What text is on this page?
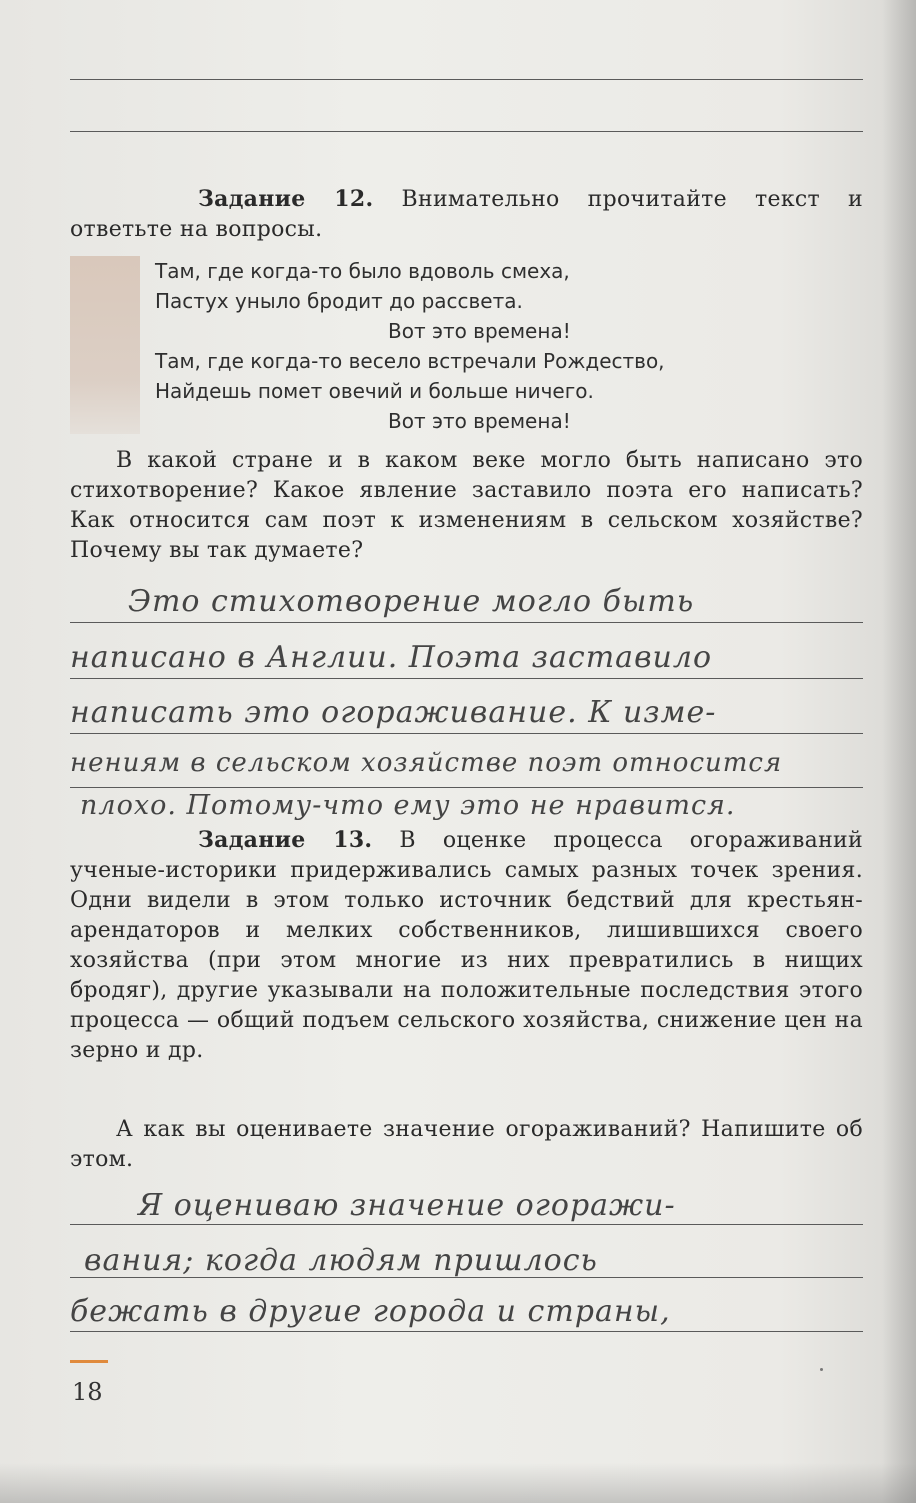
Задание 12. Внимательно прочитайте текст и ответьте на вопросы.
Там, где когда-то было вдоволь смеха,
Пастух уныло бродит до рассвета.
Вот это времена!
Там, где когда-то весело встречали Рождество,
Найдешь помет овечий и больше ничего.
Вот это времена!
В какой стране и в каком веке могло быть написано это стихотворение? Какое явление заставило поэта его написать? Как относится сам поэт к изменениям в сельском хозяйстве? Почему вы так думаете?
Это стихотворение могло быть
написано в Англии. Поэта заставило
написать это огораживание. К изме-
нениям в сельском хозяйстве поэт относится
плохо. Потому-что ему это не нравится.
Задание 13. В оценке процесса огораживаний ученые-историки придерживались самых разных точек зрения. Одни видели в этом только источник бедствий для крестьян-арендаторов и мелких собственников, лишившихся своего хозяйства (при этом многие из них превратились в нищих бродяг), другие указывали на положительные последствия этого процесса — общий подъем сельского хозяйства, снижение цен на зерно и др.
А как вы оцениваете значение огораживаний? Напишите об этом.
Я оцениваю значение огоражи-
вания; когда людям пришлось
бежать в другие города и страны,
18
